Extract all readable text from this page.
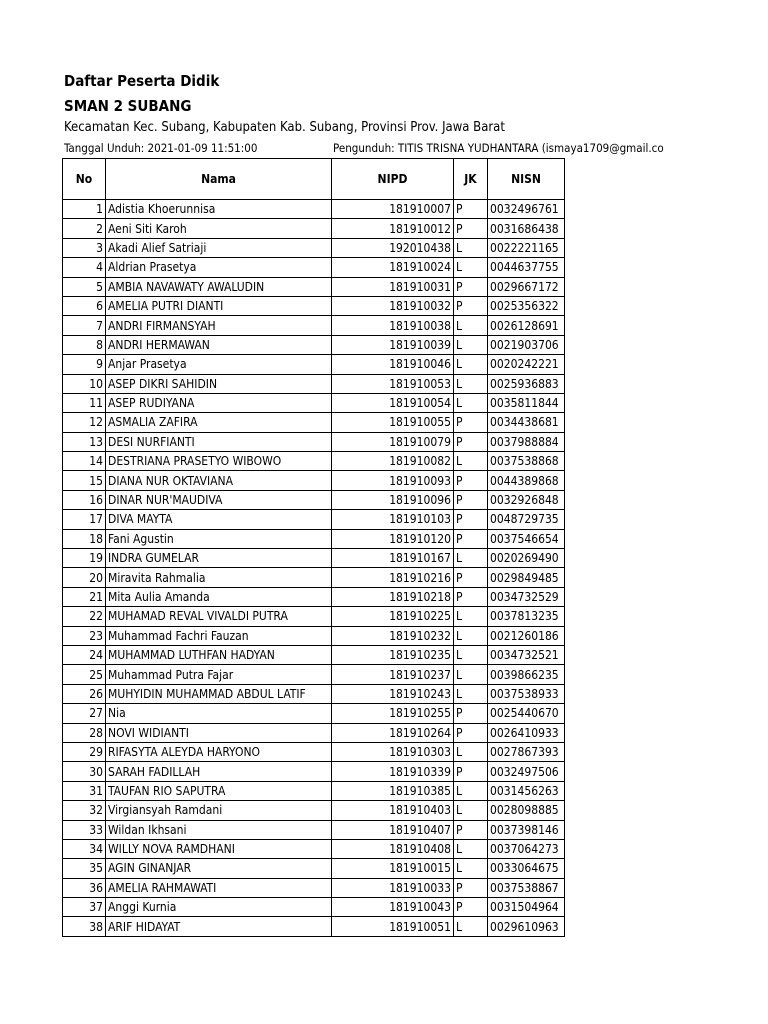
Daftar Peserta Didik
SMAN 2 SUBANG
Kecamatan Kec. Subang, Kabupaten Kab. Subang, Provinsi Prov. Jawa Barat
Tanggal Unduh: 2021-01-09 11:51:00	Pengunduh: TITIS TRISNA YUDHANTARA (ismaya1709@gmail.co
No	Nama	NIPD	JK	NISN
1	Adistia Khoerunnisa	181910007	P	0032496761
2	Aeni Siti Karoh	181910012	P	0031686438
3	Akadi Alief Satriaji	192010438	L	0022221165
4	Aldrian Prasetya	181910024	L	0044637755
5	AMBIA NAVAWATY AWALUDIN	181910031	P	0029667172
6	AMELIA PUTRI DIANTI	181910032	P	0025356322
7	ANDRI FIRMANSYAH	181910038	L	0026128691
8	ANDRI HERMAWAN	181910039	L	0021903706
9	Anjar Prasetya	181910046	L	0020242221
10	ASEP DIKRI SAHIDIN	181910053	L	0025936883
11	ASEP RUDIYANA	181910054	L	0035811844
12	ASMALIA ZAFIRA	181910055	P	0034438681
13	DESI NURFIANTI	181910079	P	0037988884
14	DESTRIANA PRASETYO WIBOWO	181910082	L	0037538868
15	DIANA NUR OKTAVIANA	181910093	P	0044389868
16	DINAR NUR'MAUDIVA	181910096	P	0032926848
17	DIVA MAYTA	181910103	P	0048729735
18	Fani Agustin	181910120	P	0037546654
19	INDRA GUMELAR	181910167	L	0020269490
20	Miravita Rahmalia	181910216	P	0029849485
21	Mita Aulia Amanda	181910218	P	0034732529
22	MUHAMAD REVAL VIVALDI PUTRA	181910225	L	0037813235
23	Muhammad Fachri Fauzan	181910232	L	0021260186
24	MUHAMMAD LUTHFAN HADYAN	181910235	L	0034732521
25	Muhammad Putra Fajar	181910237	L	0039866235
26	MUHYIDIN MUHAMMAD ABDUL LATIF	181910243	L	0037538933
27	Nia	181910255	P	0025440670
28	NOVI WIDIANTI	181910264	P	0026410933
29	RIFASYTA ALEYDA HARYONO	181910303	L	0027867393
30	SARAH FADILLAH	181910339	P	0032497506
31	TAUFAN RIO SAPUTRA	181910385	L	0031456263
32	Virgiansyah Ramdani	181910403	L	0028098885
33	Wildan Ikhsani	181910407	P	0037398146
34	WILLY NOVA RAMDHANI	181910408	L	0037064273
35	AGIN GINANJAR	181910015	L	0033064675
36	AMELIA RAHMAWATI	181910033	P	0037538867
37	Anggi Kurnia	181910043	P	0031504964
38	ARIF HIDAYAT	181910051	L	0029610963
